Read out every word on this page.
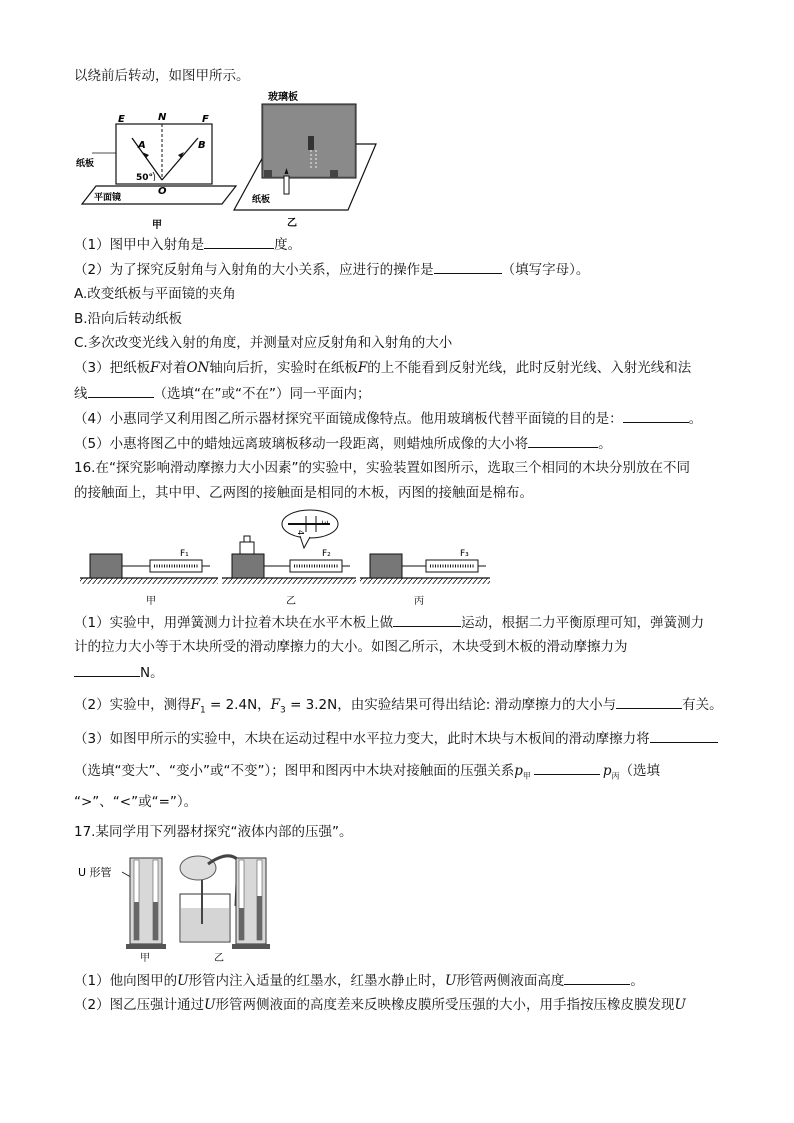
以绕前后转动，如图甲所示。
E	N	F
A	B
O
50°
纸板
平面镜
甲
玻璃板
纸板
乙
（1）图甲中入射角是	度。
（2）为了探究反射角与入射角的大小关系，应进行的操作是	（填写字母）。
A.改变纸板与平面镜的夹角
B.沿向后转动纸板
C.多次改变光线入射的角度，并测量对应反射角和入射角的大小
（3）把纸板F对着ON轴向后折，实验时在纸板F的上不能看到反射光线，此时反射光线、入射光线和法
线	（选填“在”或“不在”）同一平面内；
（4）小惠同学又利用图乙所示器材探究平面镜成像特点。他用玻璃板代替平面镜的目的是：	。
（5）小惠将图乙中的蜡烛远离玻璃板移动一段距离，则蜡烛所成像的大小将	。
16.在“探究影响滑动摩擦力大小因素”的实验中，实验装置如图所示，选取三个相同的木块分别放在不同
的接触面上，其中甲、乙两图的接触面是相同的木板，丙图的接触面是棉布。
F₁
甲
3
4
F₂
乙
F₃
丙
（1）实验中，用弹簧测力计拉着木块在水平木板上做	运动，根据二力平衡原理可知，弹簧测力
计的拉力大小等于木块所受的滑动摩擦力的大小。如图乙所示，木块受到木板的滑动摩擦力为
N。
（2）实验中，测得$F_1 = 2.4N$，$F_3 = 3.2N$，由实验结果可得出结论: 滑动摩擦力的大小与	有关。
（3）如图甲所示的实验中，木块在运动过程中水平拉力变大，此时木块与木板间的滑动摩擦力将
（选填“变大”、“变小”或“不变”）；图甲和图丙中木块对接触面的压强关系$p_甲$	$p_丙$（选填
“>”、“<”或“=”）。
17.某同学用下列器材探究“液体内部的压强”。
U 形管
甲	乙
（1）他向图甲的U形管内注入适量的红墨水，红墨水静止时，U形管两侧液面高度	。
（2）图乙压强计通过U形管两侧液面的高度差来反映橡皮膜所受压强的大小，用手指按压橡皮膜发现U
